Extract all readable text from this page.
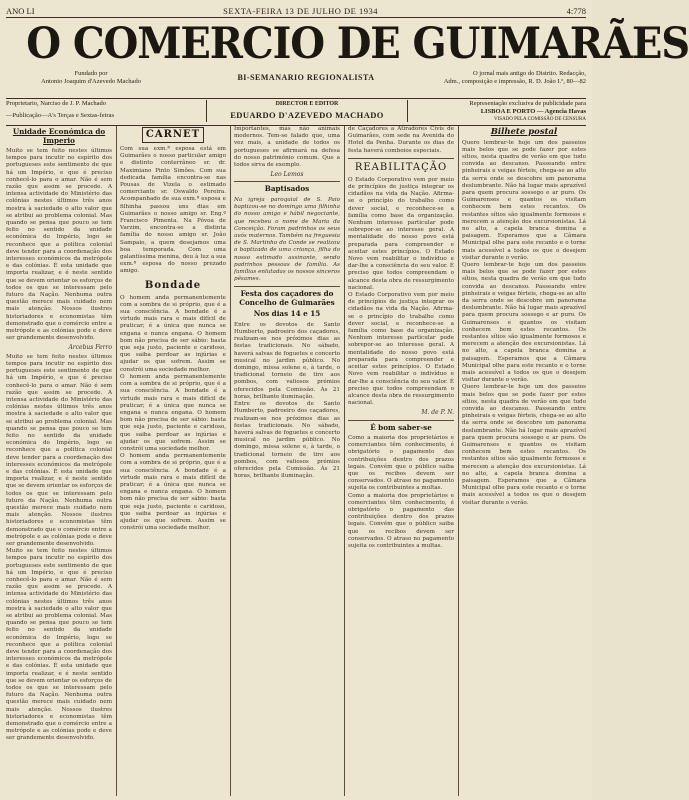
ANO LI	SEXTA-FEIRA 13 DE JULHO DE 1934	4:778
O COMERCIO DE GUIMARÃES
Fundado por
Antonio Joaquim d'Azevedo Machado	BI-SEMANARIO REGIONALISTA	O jornal mais antigo do Distrito. Redacção,
Adm., composição e impressão, R. D. João I.º, 80—82
Proprietario, Narciso de J. P. Machado
—Publicação—A's Terças e Sextas-feiras
DIRECTOR E EDITOR
EDUARDO D'AZEVEDO MACHADO
Representação exclusiva de publicidade para
LISBOA E PORTO — Agencia Havas
VISADO PELA COMISSÃO DE CENSURA
Unidade Económica do Imperio
Muito se tem feito nestes últimos tempos para incutir no espírito dos portugueses este sentimento de que há um Império, e que é preciso conhecê-lo para o amar. Não é sem razão que assim se procede. A intensa actividade do Ministério das colónias nestes últimos três anos mostra à saciedade o alto valor que se atribui ao problema colonial. Mas quando se pensa que pouco se tem feito no sentido da unidade económica do Império, logo se reconhece que a política colonial deve tender para a coordenação dos interesses económicos da metrópole e das colónias. É esta unidade que importa realizar, e é neste sentido que se devem orientar os esforços de todos os que se interessam pelo futuro da Nação. Nenhuma outra questão merece mais cuidado nem mais atenção. Nossos ilustres historiadores e economistas têm demonstrado que o comércio entre a metrópole e as colónias pode e deve ser grandemente desenvolvido.
Arcebus Ferro
Muito se tem feito nestes últimos tempos para incutir no espírito dos portugueses este sentimento de que há um Império, e que é preciso conhecê-lo para o amar. Não é sem razão que assim se procede. A intensa actividade do Ministério das colónias nestes últimos três anos mostra à saciedade o alto valor que se atribui ao problema colonial. Mas quando se pensa que pouco se tem feito no sentido da unidade económica do Império, logo se reconhece que a política colonial deve tender para a coordenação dos interesses económicos da metrópole e das colónias. É esta unidade que importa realizar, e é neste sentido que se devem orientar os esforços de todos os que se interessam pelo futuro da Nação. Nenhuma outra questão merece mais cuidado nem mais atenção. Nossos ilustres historiadores e economistas têm demonstrado que o comércio entre a metrópole e as colónias pode e deve ser grandemente desenvolvido.
Muito se tem feito nestes últimos tempos para incutir no espírito dos portugueses este sentimento de que há um Império, e que é preciso conhecê-lo para o amar. Não é sem razão que assim se procede. A intensa actividade do Ministério das colónias nestes últimos três anos mostra à saciedade o alto valor que se atribui ao problema colonial. Mas quando se pensa que pouco se tem feito no sentido da unidade económica do Império, logo se reconhece que a política colonial deve tender para a coordenação dos interesses económicos da metrópole e das colónias. É esta unidade que importa realizar, e é neste sentido que se devem orientar os esforços de todos os que se interessam pelo futuro da Nação. Nenhuma outra questão merece mais cuidado nem mais atenção. Nossos ilustres historiadores e economistas têm demonstrado que o comércio entre a metrópole e as colónias pode e deve ser grandemente desenvolvido.
CARNET
Com sua exm.ª esposa está em Guimarães o nosso particular amigo e distinto conterrâneo sr. dr. Maximiano Pinto Simões. Com sua dedicada família encontra-se nas Pousas de Vizela o estimado comerciante sr. Oswaldo Pereira. Acompanhado de sua exm.ª esposa e filhinha passou uns dias em Guimarães o nosso amigo sr. Eng.º Francisco Pimenta. Na Póvoa de Varzim, encontra-se a distinta família do nosso amigo sr. João Sampaio, a quem desejamos uma boa temporada. Com uma galantíssima menina, deu à luz a sua exm.ª esposa do nosso prezado amigo.
Bondade
O homem anda permanentemente com a sombra de si próprio, que é a sua consciência. A bondade é a virtude mais rara e mais difícil de praticar; é a única que nunca se engana e nunca engana. O homem bom não precisa de ser sábio: basta que seja justo, paciente e caridoso, que saiba perdoar as injúrias e ajudar os que sofrem. Assim se constrói uma sociedade melhor.
O homem anda permanentemente com a sombra de si próprio, que é a sua consciência. A bondade é a virtude mais rara e mais difícil de praticar; é a única que nunca se engana e nunca engana. O homem bom não precisa de ser sábio: basta que seja justo, paciente e caridoso, que saiba perdoar as injúrias e ajudar os que sofrem. Assim se constrói uma sociedade melhor.
O homem anda permanentemente com a sombra de si próprio, que é a sua consciência. A bondade é a virtude mais rara e mais difícil de praticar; é a única que nunca se engana e nunca engana. O homem bom não precisa de ser sábio: basta que seja justo, paciente e caridoso, que saiba perdoar as injúrias e ajudar os que sofrem. Assim se constrói uma sociedade melhor.
Importantes, mas não animais modernos. Tem-se falado que, uma vez mais, a unidade de todos os portugueses se afirmará na defesa do nosso património comum. Que a todos sirva de exemplo.
Leo Lemos
Baptisados
Na igreja paroquial de S. Paio baptizou-se no domingo uma filhinha do nosso amigo e hábil negociante, que recebeu o nome de Maria da Conceição. Foram padrinhos os seus avós maternos. Também na freguesia de S. Martinho do Conde se realizou o baptizado de uma criança, filha do nosso estimado assinante, sendo padrinhos pessoas de família. As famílias enlutadas os nossos sinceros pêsames.
Festa dos caçadores do Concelho de Guimarães
Nos dias 14 e 15
Entre os devotos de Santo Humberto, padroeiro dos caçadores, realizam-se nos próximos dias as festas tradicionais. No sábado, haverá salvas de foguetes e concerto musical no jardim público. No domingo, missa solene e, à tarde, o tradicional torneio de tiro aos pombos, com valiosos prémios oferecidos pela Comissão. Às 21 horas, brilhante iluminação.
Entre os devotos de Santo Humberto, padroeiro dos caçadores, realizam-se nos próximos dias as festas tradicionais. No sábado, haverá salvas de foguetes e concerto musical no jardim público. No domingo, missa solene e, à tarde, o tradicional torneio de tiro aos pombos, com valiosos prémios oferecidos pela Comissão. Às 21 horas, brilhante iluminação.
de Caçadores a Atiradores Civis de Guimarães, com sede na Avenida do Hotel da Penha. Durante os dias de festa haverá comboios especiais.
REABILITAÇÃO
O Estado Corporativo vem por meio de princípios de justiça integrar os cidadãos na vida da Nação. Afirma-se o princípio do trabalho como dever social, e reconhece-se a família como base da organização. Nenhum interesse particular pode sobrepor-se ao interesse geral. A mentalidade do nosso povo está preparada para compreender e aceitar estes princípios. O Estado Novo vem reabilitar o indivíduo e dar-lhe a consciência do seu valor. É preciso que todos compreendam o alcance desta obra de ressurgimento nacional.
O Estado Corporativo vem por meio de princípios de justiça integrar os cidadãos na vida da Nação. Afirma-se o princípio do trabalho como dever social, e reconhece-se a família como base da organização. Nenhum interesse particular pode sobrepor-se ao interesse geral. A mentalidade do nosso povo está preparada para compreender e aceitar estes princípios. O Estado Novo vem reabilitar o indivíduo e dar-lhe a consciência do seu valor. É preciso que todos compreendam o alcance desta obra de ressurgimento nacional.
M. de P. N.
É bom saber-se
Como a maioria dos proprietários e comerciantes têm conhecimento, é obrigatório o pagamento das contribuições dentro dos prazos legais. Convém que o público saiba que os recibos devem ser conservados. O atraso no pagamento sujeita os contribuintes a multas.
Como a maioria dos proprietários e comerciantes têm conhecimento, é obrigatório o pagamento das contribuições dentro dos prazos legais. Convém que o público saiba que os recibos devem ser conservados. O atraso no pagamento sujeita os contribuintes a multas.
Bilhete postal
Quero lembrar-te hoje um dos passeios mais belos que se pode fazer por estes sítios, nesta quadra de verão em que tudo convida ao descanso. Passeando entre pinheirais e veigas férteis, chega-se ao alto da serra onde se descobre um panorama deslumbrante. Não há lugar mais aprazível para quem procura sossego e ar puro. Os Guimarenses e quantos os visitam conhecem bem estes recantos. Os restantes sítios são igualmente formosos e merecem a atenção dos excursionistas. Lá no alto, a capela branca domina a paisagem. Esperamos que a Câmara Municipal olhe para este recanto e o torne mais acessível a todos os que o desejem visitar durante o verão.
Quero lembrar-te hoje um dos passeios mais belos que se pode fazer por estes sítios, nesta quadra de verão em que tudo convida ao descanso. Passeando entre pinheirais e veigas férteis, chega-se ao alto da serra onde se descobre um panorama deslumbrante. Não há lugar mais aprazível para quem procura sossego e ar puro. Os Guimarenses e quantos os visitam conhecem bem estes recantos. Os restantes sítios são igualmente formosos e merecem a atenção dos excursionistas. Lá no alto, a capela branca domina a paisagem. Esperamos que a Câmara Municipal olhe para este recanto e o torne mais acessível a todos os que o desejem visitar durante o verão.
Quero lembrar-te hoje um dos passeios mais belos que se pode fazer por estes sítios, nesta quadra de verão em que tudo convida ao descanso. Passeando entre pinheirais e veigas férteis, chega-se ao alto da serra onde se descobre um panorama deslumbrante. Não há lugar mais aprazível para quem procura sossego e ar puro. Os Guimarenses e quantos os visitam conhecem bem estes recantos. Os restantes sítios são igualmente formosos e merecem a atenção dos excursionistas. Lá no alto, a capela branca domina a paisagem. Esperamos que a Câmara Municipal olhe para este recanto e o torne mais acessível a todos os que o desejem visitar durante o verão.
